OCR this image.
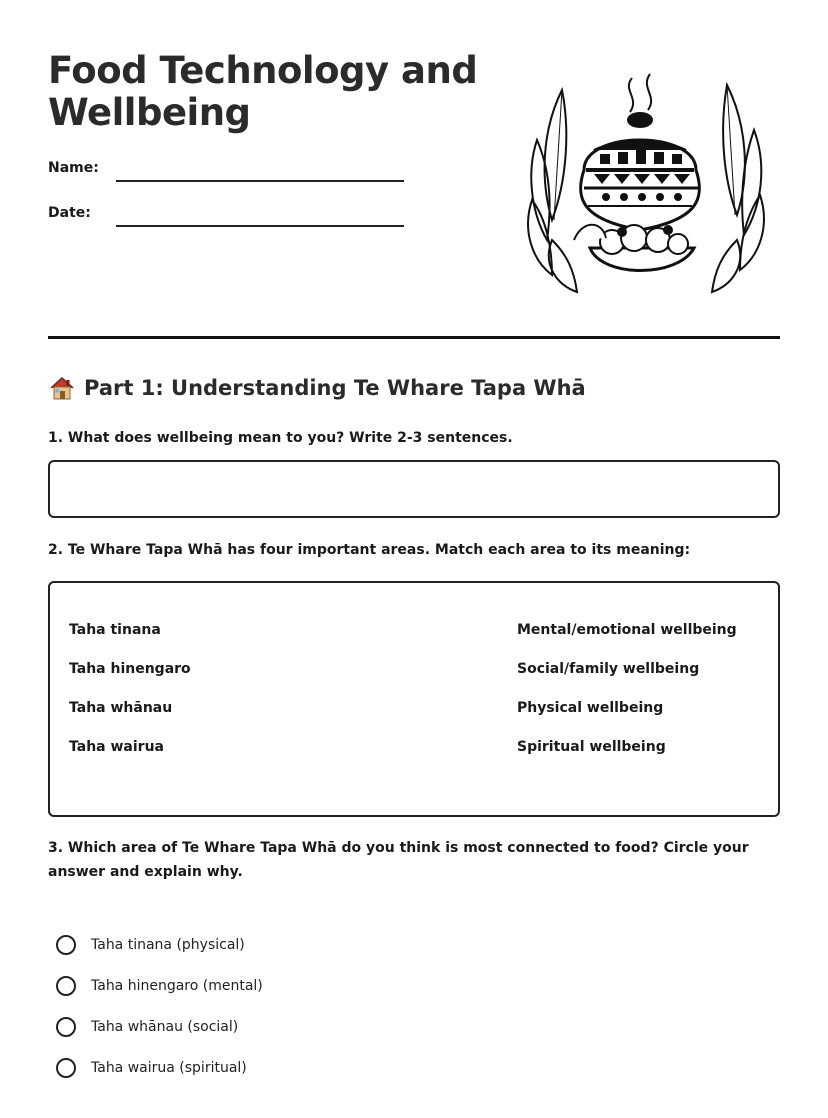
Food Technology and Wellbeing
Name:
Date:
Part 1: Understanding Te Whare Tapa Whā
1. What does wellbeing mean to you? Write 2-3 sentences.
2. Te Whare Tapa Whā has four important areas. Match each area to its meaning:
Taha tinana
Taha hinengaro
Taha whānau
Taha wairua
Mental/emotional wellbeing
Social/family wellbeing
Physical wellbeing
Spiritual wellbeing
3. Which area of Te Whare Tapa Whā do you think is most connected to food? Circle your answer and explain why.
Taha tinana (physical)
Taha hinengaro (mental)
Taha whānau (social)
Taha wairua (spiritual)
